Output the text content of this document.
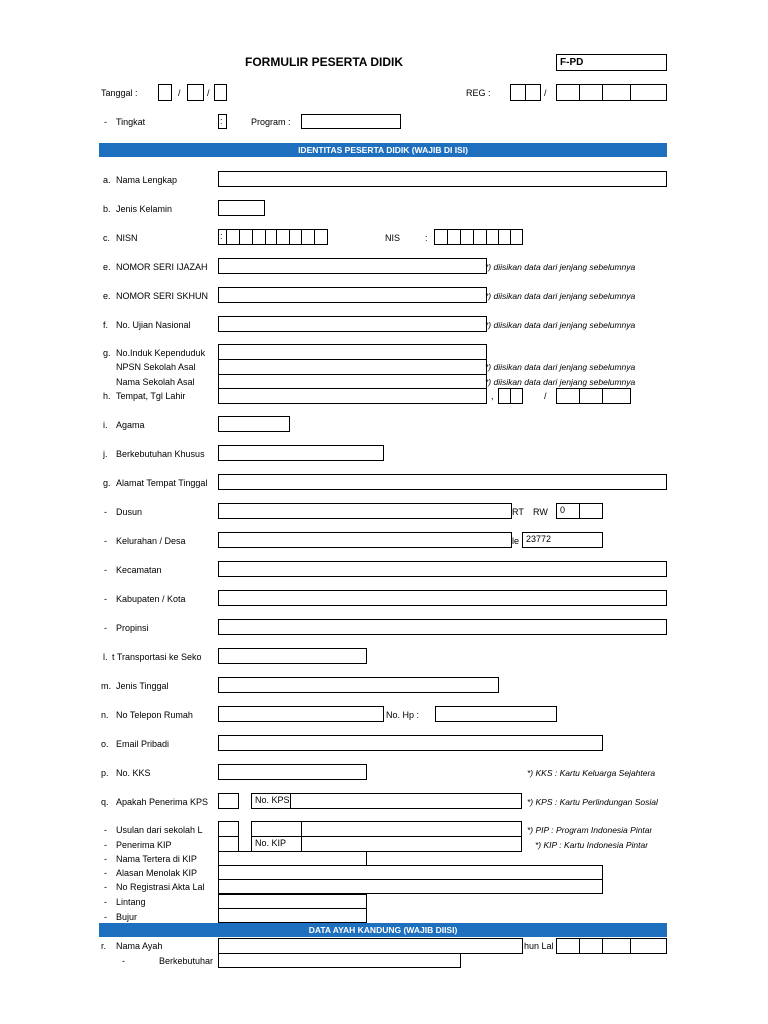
FORMULIR PESERTA DIDIK	F-PD
Tanggal :	/	/	REG :	/
- Tingkat	:	Program :
IDENTITAS PESERTA DIDIK (WAJIB DI ISI)
a. Nama Lengkap
b. Jenis Kelamin
c. NISN	:	NIS	:
e. NOMOR SERI IJAZAH	*) diisikan data dari jenjang sebelumnya
e. NOMOR SERI SKHUN	*) diisikan data dari jenjang sebelumnya
f. No. Ujian Nasional	*) diisikan data dari jenjang sebelumnya
g. No.Induk Kependuduk
NPSN Sekolah Asal	*) diisikan data dari jenjang sebelumnya
Nama Sekolah Asal	*) diisikan data dari jenjang sebelumnya
h. Tempat, Tgl Lahir	,	/
i. Agama
j. Berkebutuhan Khusus
g. Alamat Tempat Tinggal
- Dusun	RT RW	0
- Kelurahan / Desa	le 23772
- Kecamatan
- Kabupaten / Kota
- Propinsi
l. t Transportasi ke Seko
m. Jenis Tinggal
n. No Telepon Rumah	No. Hp :
o. Email Pribadi
p. No. KKS	*) KKS : Kartu Keluarga Sejahtera
q. Apakah Penerima KPS	No. KPS	*) KPS : Kartu Perlindungan Sosial
- Usulan dari sekolah L	*) PIP : Program Indonesia Pintar
- Penerima KIP	No. KIP	*) KIP : Kartu Indonesia Pintar
- Nama Tertera di KIP
- Alasan Menolak KIP
- No Registrasi Akta Lal
- Lintang
- Bujur
DATA AYAH KANDUNG (WAJIB DIISI)
r. Nama Ayah	hun Lal
-	Berkebutuhar
